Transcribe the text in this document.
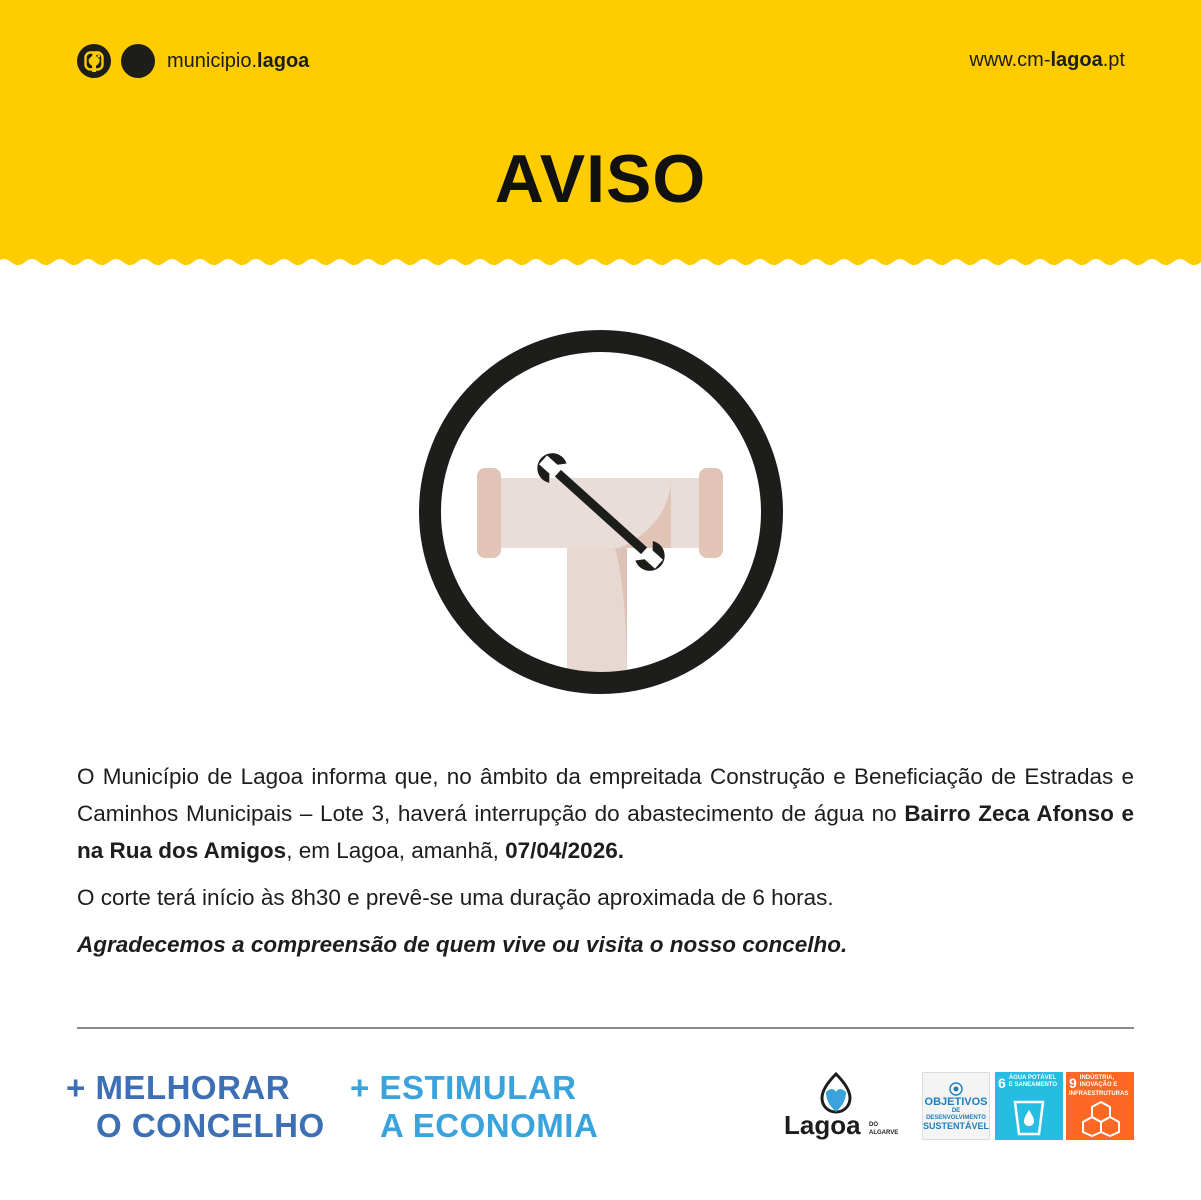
municipio.lagoa	www.cm-lagoa.pt
AVISO

O Município de Lagoa informa que, no âmbito da empreitada Construção e Beneficiação de Estradas e Caminhos Municipais – Lote 3, haverá interrupção do abastecimento de água no Bairro Zeca Afonso e na Rua dos Amigos, em Lagoa, amanhã, 07/04/2026.

O corte terá início às 8h30 e prevê-se uma duração aproximada de 6 horas.

Agradecemos a compreensão de quem vive ou visita o nosso concelho.

+ MELHORAR
O CONCELHO
+ ESTIMULAR
A ECONOMIA	Lagoa DO
ALGARVE
OBJETIVOS
DE DESENVOLVIMENTO
SUSTENTÁVEL
6 ÁGUA POTÁVEL E SANEAMENTO 9 INDÚSTRIA, INOVAÇÃO E INFRAESTRUTURAS
